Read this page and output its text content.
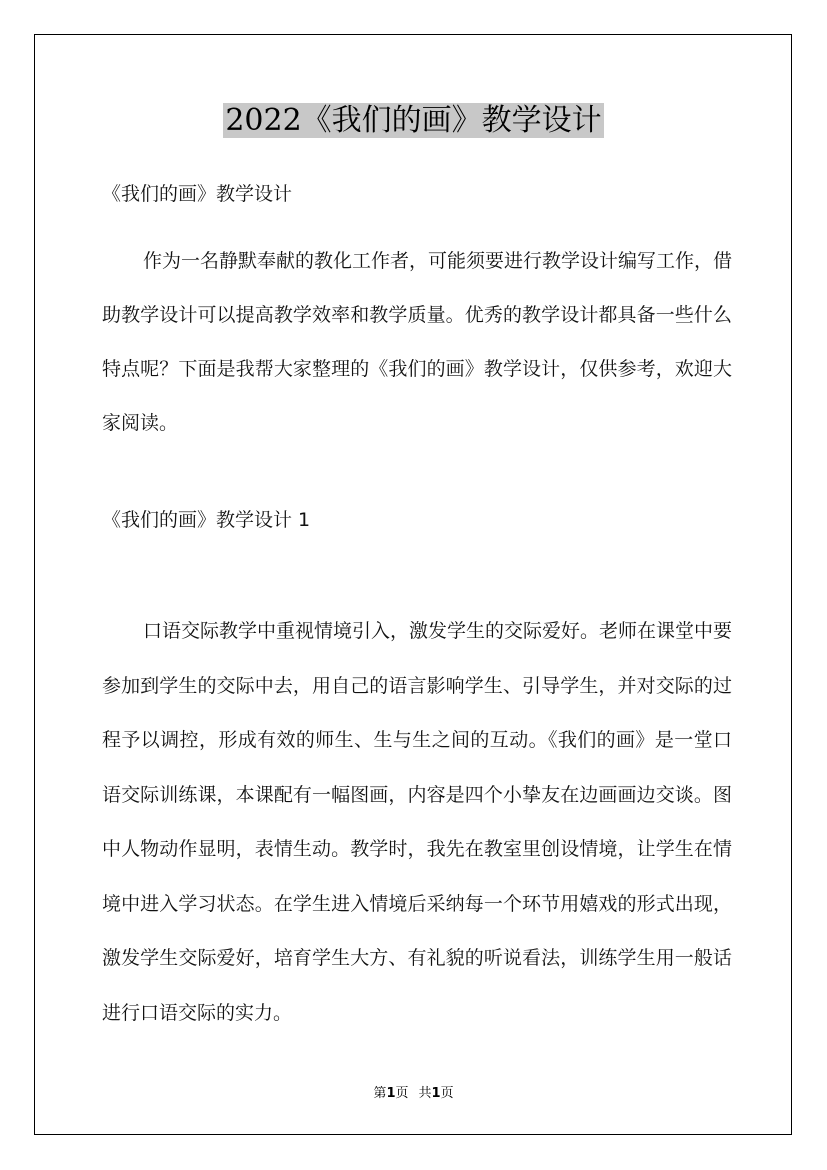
2022《我们的画》教学设计

《我们的画》教学设计

作为一名静默奉献的教化工作者，可能须要进行教学设计编写工作，借助教学设计可以提高教学效率和教学质量。优秀的教学设计都具备一些什么特点呢？下面是我帮大家整理的《我们的画》教学设计，仅供参考，欢迎大家阅读。

《我们的画》教学设计 1

口语交际教学中重视情境引入，激发学生的交际爱好。老师在课堂中要参加到学生的交际中去，用自己的语言影响学生、引导学生，并对交际的过程予以调控，形成有效的师生、生与生之间的互动。《我们的画》是一堂口语交际训练课，本课配有一幅图画，内容是四个小挚友在边画画边交谈。图中人物动作显明，表情生动。教学时，我先在教室里创设情境，让学生在情境中进入学习状态。在学生进入情境后采纳每一个环节用嬉戏的形式出现，激发学生交际爱好，培育学生大方、有礼貌的听说看法，训练学生用一般话进行口语交际的实力。

第1页 共1页
